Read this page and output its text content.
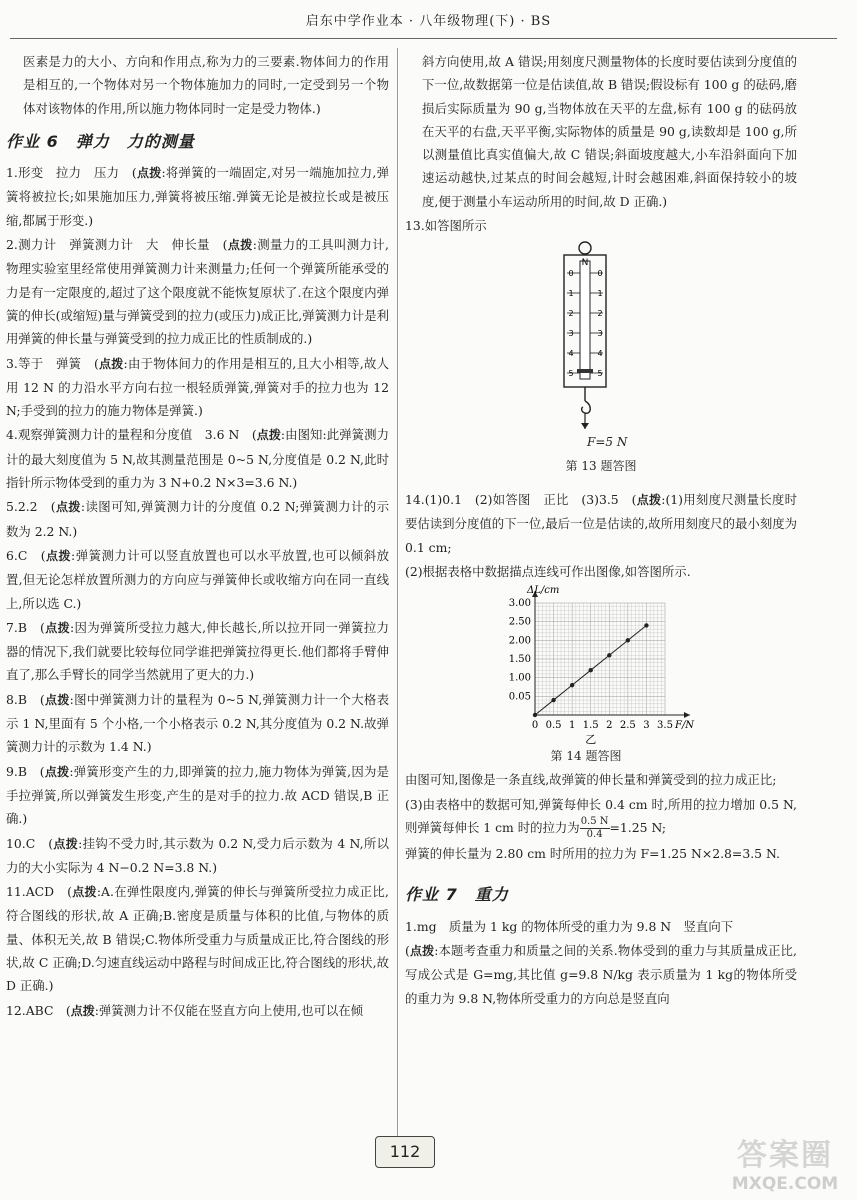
启东中学作业本 · 八年级物理(下) · BS

医素是力的大小、方向和作用点,称为力的三要素.物体间力的作用是相互的,一个物体对另一个物体施加力的同时,一定受到另一个物体对该物体的作用,所以施力物体同时一定是受力物体.)

作业 6　弹力　力的测量

1.形变　拉力　压力　(点拨:将弹簧的一端固定,对另一端施加拉力,弹簧将被拉长;如果施加压力,弹簧将被压缩.弹簧无论是被拉长或是被压缩,都属于形变.)

2.测力计　弹簧测力计　大　伸长量　(点拨:测量力的工具叫测力计,物理实验室里经常使用弹簧测力计来测量力;任何一个弹簧所能承受的力是有一定限度的,超过了这个限度就不能恢复原状了.在这个限度内弹簧的伸长(或缩短)量与弹簧受到的拉力(或压力)成正比,弹簧测力计是利用弹簧的伸长量与弹簧受到的拉力成正比的性质制成的.)

3.等于　弹簧　(点拨:由于物体间力的作用是相互的,且大小相等,故人用 12 N 的力沿水平方向右拉一根轻质弹簧,弹簧对手的拉力也为 12 N;手受到的拉力的施力物体是弹簧.)

4.观察弹簧测力计的量程和分度值　3.6 N　(点拨:由图知:此弹簧测力计的最大刻度值为 5 N,故其测量范围是 0~5 N,分度值是 0.2 N,此时指针所示物体受到的重力为 3 N+0.2 N×3=3.6 N.)

5.2.2　(点拨:读图可知,弹簧测力计的分度值 0.2 N;弹簧测力计的示数为 2.2 N.)

6.C　(点拨:弹簧测力计可以竖直放置也可以水平放置,也可以倾斜放置,但无论怎样放置所测力的方向应与弹簧伸长或收缩方向在同一直线上,所以选 C.)

7.B　(点拨:因为弹簧所受拉力越大,伸长越长,所以拉开同一弹簧拉力器的情况下,我们就要比较每位同学谁把弹簧拉得更长.他们都将手臂伸直了,那么手臂长的同学当然就用了更大的力.)

8.B　(点拨:图中弹簧测力计的量程为 0~5 N,弹簧测力计一个大格表示 1 N,里面有 5 个小格,一个小格表示 0.2 N,其分度值为 0.2 N.故弹簧测力计的示数为 1.4 N.)

9.B　(点拨:弹簧形变产生的力,即弹簧的拉力,施力物体为弹簧,因为是手拉弹簧,所以弹簧发生形变,产生的是对手的拉力.故 ACD 错误,B 正确.)

10.C　(点拨:挂钩不受力时,其示数为 0.2 N,受力后示数为 4 N,所以力的大小实际为 4 N−0.2 N=3.8 N.)

11.ACD　(点拨:A.在弹性限度内,弹簧的伸长与弹簧所受拉力成正比,符合图线的形状,故 A 正确;B.密度是质量与体积的比值,与物体的质量、体积无关,故 B 错误;C.物体所受重力与质量成正比,符合图线的形状,故 C 正确;D.匀速直线运动中路程与时间成正比,符合图线的形状,故 D 正确.)

12.ABC　(点拨:弹簧测力计不仅能在竖直方向上使用,也可以在倾

斜方向使用,故 A 错误;用刻度尺测量物体的长度时要估读到分度值的下一位,故数据第一位是估读值,故 B 错误;假设标有 100 g 的砝码,磨损后实际质量为 90 g,当物体放在天平的左盘,标有 100 g 的砝码放在天平的右盘,天平平衡,实际物体的质量是 90 g,读数却是 100 g,所以测量值比真实值偏大,故 C 错误;斜面坡度越大,小车沿斜面向下加速运动越快,过某点的时间会越短,计时会越困难,斜面保持较小的坡度,便于测量小车运动所用的时间,故 D 正确.)

13.如答图所示

N
0	0
1	1
2	2
3	3
4	4
5	5
F=5 N

第 13 题答图

14.(1)0.1　(2)如答图　正比　(3)3.5　(点拨:(1)用刻度尺测量长度时要估读到分度值的下一位,最后一位是估读的,故所用刻度尺的最小刻度为 0.1 cm;

(2)根据表格中数据描点连线可作出图像,如答图所示.

0 0.5 1 1.5 2 2.5 3 3.5
0.05
1.00
1.50
2.00
2.50
3.00
ΔL/cm
F/N
乙

第 14 题答图

由图可知,图像是一条直线,故弹簧的伸长量和弹簧受到的拉力成正比;

(3)由表格中的数据可知,弹簧每伸长 0.4 cm 时,所用的拉力增加 0.5 N,则弹簧每伸长 1 cm 时的拉力为 $\frac{0.5 N}{0.4} =1.25$ N;

弹簧的伸长量为 2.80 cm 时所用的拉力为 F=1.25 N×2.8=3.5 N.

作业 7　重力

1.mg　质量为 1 kg 的物体所受的重力为 9.8 N　竖直向下

(点拨:本题考查重力和质量之间的关系.物体受到的重力与其质量成正比,写成公式是 G=mg,其比值 g=9.8 N/kg 表示质量为 1 kg的物体所受的重力为 9.8 N,物体所受重力的方向总是竖直向

112	答案圈
MXQE.COM
